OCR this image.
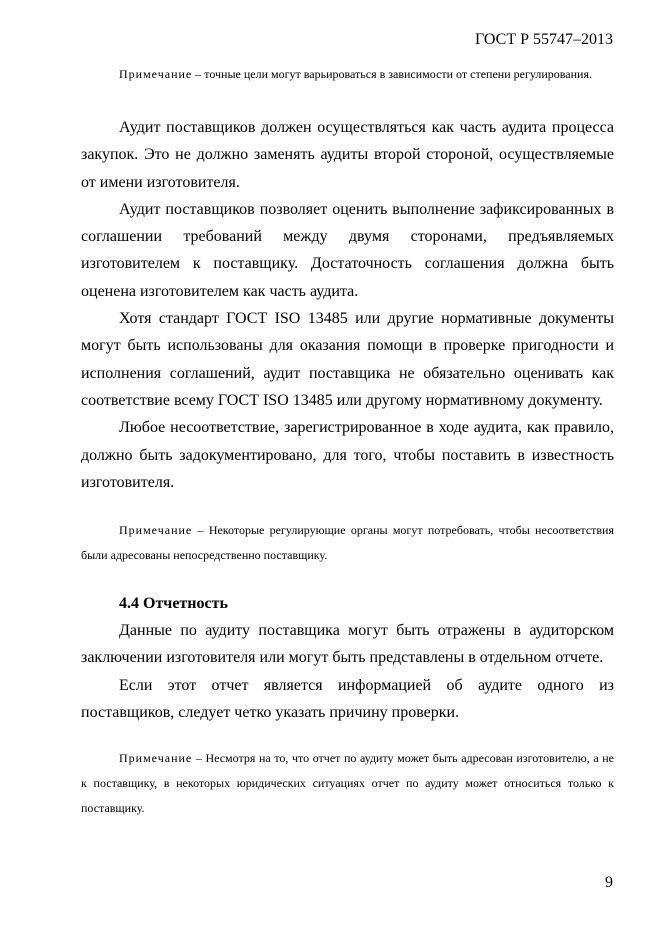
ГОСТ Р 55747–2013

Примечание – точные цели могут варьироваться в зависимости от степени регулирования.

Аудит поставщиков должен осуществляться как часть аудита процесса закупок. Это не должно заменять аудиты второй стороной, осуществляемые от имени изготовителя.

Аудит поставщиков позволяет оценить выполнение зафиксированных в соглашении требований между двумя сторонами, предъявляемых изготовителем к поставщику. Достаточность соглашения должна быть оценена изготовителем как часть аудита.

Хотя стандарт ГОСТ ISO 13485 или другие нормативные документы могут быть использованы для оказания помощи в проверке пригодности и исполнения соглашений, аудит поставщика не обязательно оценивать как соответствие всему ГОСТ ISO 13485 или другому нормативному документу.

Любое несоответствие, зарегистрированное в ходе аудита, как правило, должно быть задокументировано, для того, чтобы поставить в известность изготовителя.

Примечание – Некоторые регулирующие органы могут потребовать, чтобы несоответствия были адресованы непосредственно поставщику.

4.4 Отчетность

Данные по аудиту поставщика могут быть отражены в аудиторском заключении изготовителя или могут быть представлены в отдельном отчете.

Если этот отчет является информацией об аудите одного из поставщиков, следует четко указать причину проверки.

Примечание – Несмотря на то, что отчет по аудиту может быть адресован изготовителю, а не к поставщику, в некоторых юридических ситуациях отчет по аудиту может относиться только к поставщику.

9
